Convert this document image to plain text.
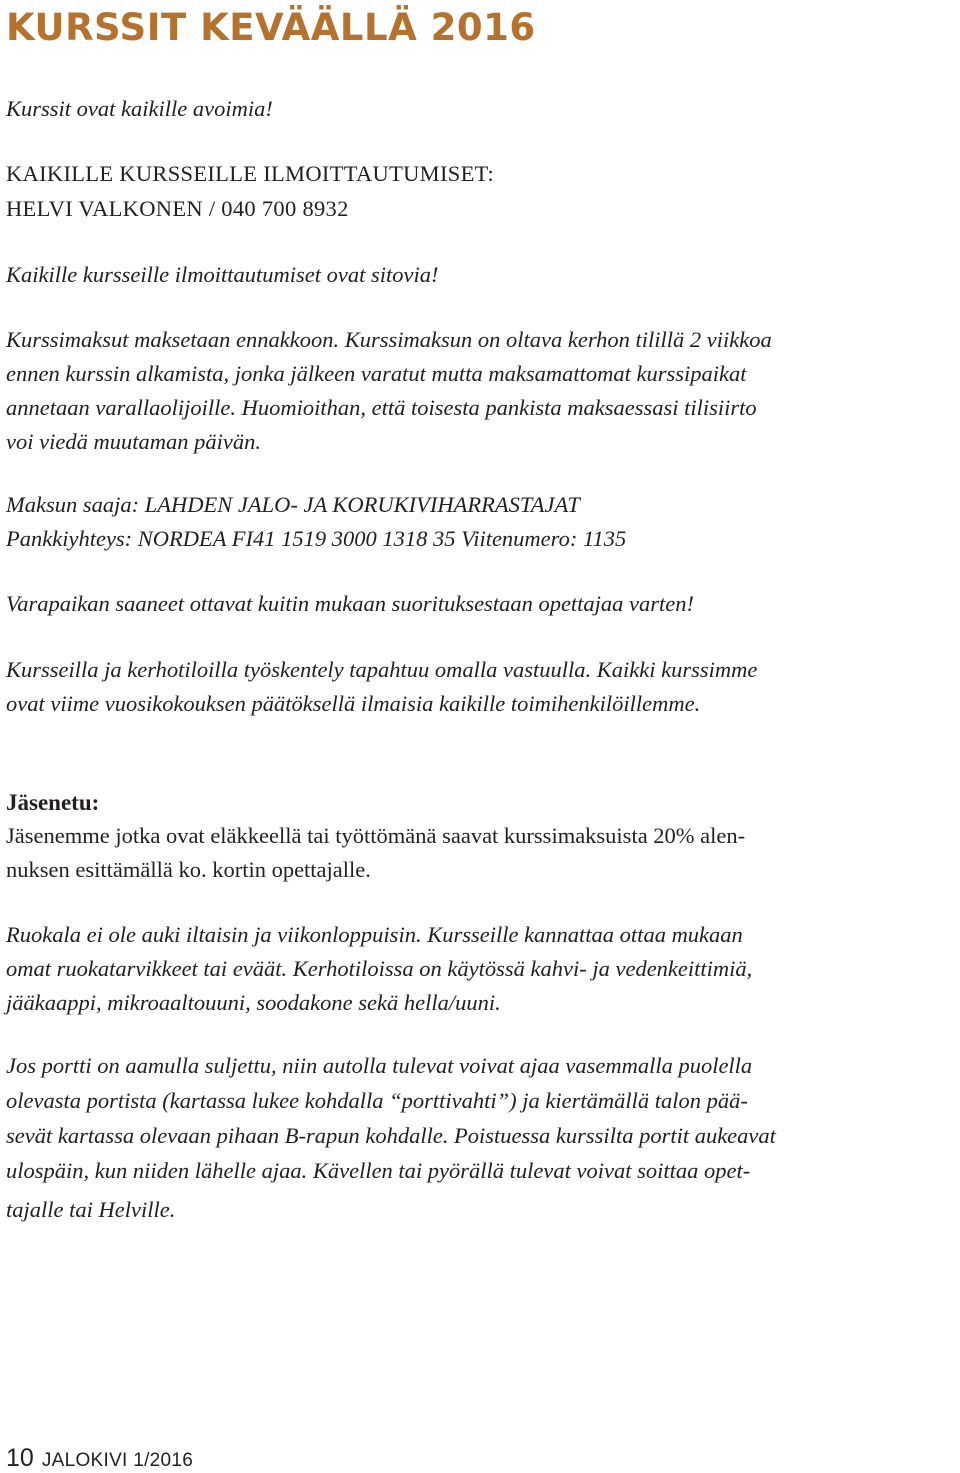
KURSSIT KEVÄÄLLÄ 2016

Kurssit ovat kaikille avoimia!

KAIKILLE KURSSEILLE ILMOITTAUTUMISET:
HELVI VALKONEN / 040 700 8932

Kaikille kursseille ilmoittautumiset ovat sitovia!

Kurssimaksut maksetaan ennakkoon. Kurssimaksun on oltava kerhon tilillä 2 viikkoa
ennen kurssin alkamista, jonka jälkeen varatut mutta maksamattomat kurssipaikat
annetaan varallaolijoille. Huomioithan, että toisesta pankista maksaessasi tilisiirto
voi viedä muutaman päivän.
Maksun saaja: LAHDEN JALO- JA KORUKIVIHARRASTAJAT
Pankkiyhteys: NORDEA FI41 1519 3000 1318 35 Viitenumero: 1135

Varapaikan saaneet ottavat kuitin mukaan suorituksestaan opettajaa varten!

Kursseilla ja kerhotiloilla työskentely tapahtuu omalla vastuulla. Kaikki kurssimme
ovat viime vuosikokouksen päätöksellä ilmaisia kaikille toimihenkilöillemme.

Jäsenetu:

Jäsenemme jotka ovat eläkkeellä tai työttömänä saavat kurssimaksuista 20% alen-
nuksen esittämällä ko. kortin opettajalle.
Ruokala ei ole auki iltaisin ja viikonloppuisin. Kursseille kannattaa ottaa mukaan
omat ruokatarvikkeet tai eväät. Kerhotiloissa on käytössä kahvi- ja vedenkeittimiä,
jääkaappi, mikroaaltouuni, soodakone sekä hella/uuni.
Jos portti on aamulla suljettu, niin autolla tulevat voivat ajaa vasemmalla puolella
olevasta portista (kartassa lukee kohdalla “porttivahti”) ja kiertämällä talon pää-
sevät kartassa olevaan pihaan B-rapun kohdalle. Poistuessa kurssilta portit aukeavat
ulospäin, kun niiden lähelle ajaa. Kävellen tai pyörällä tulevat voivat soittaa opet-
tajalle tai Helville.
10 JALOKIVI 1/2016
